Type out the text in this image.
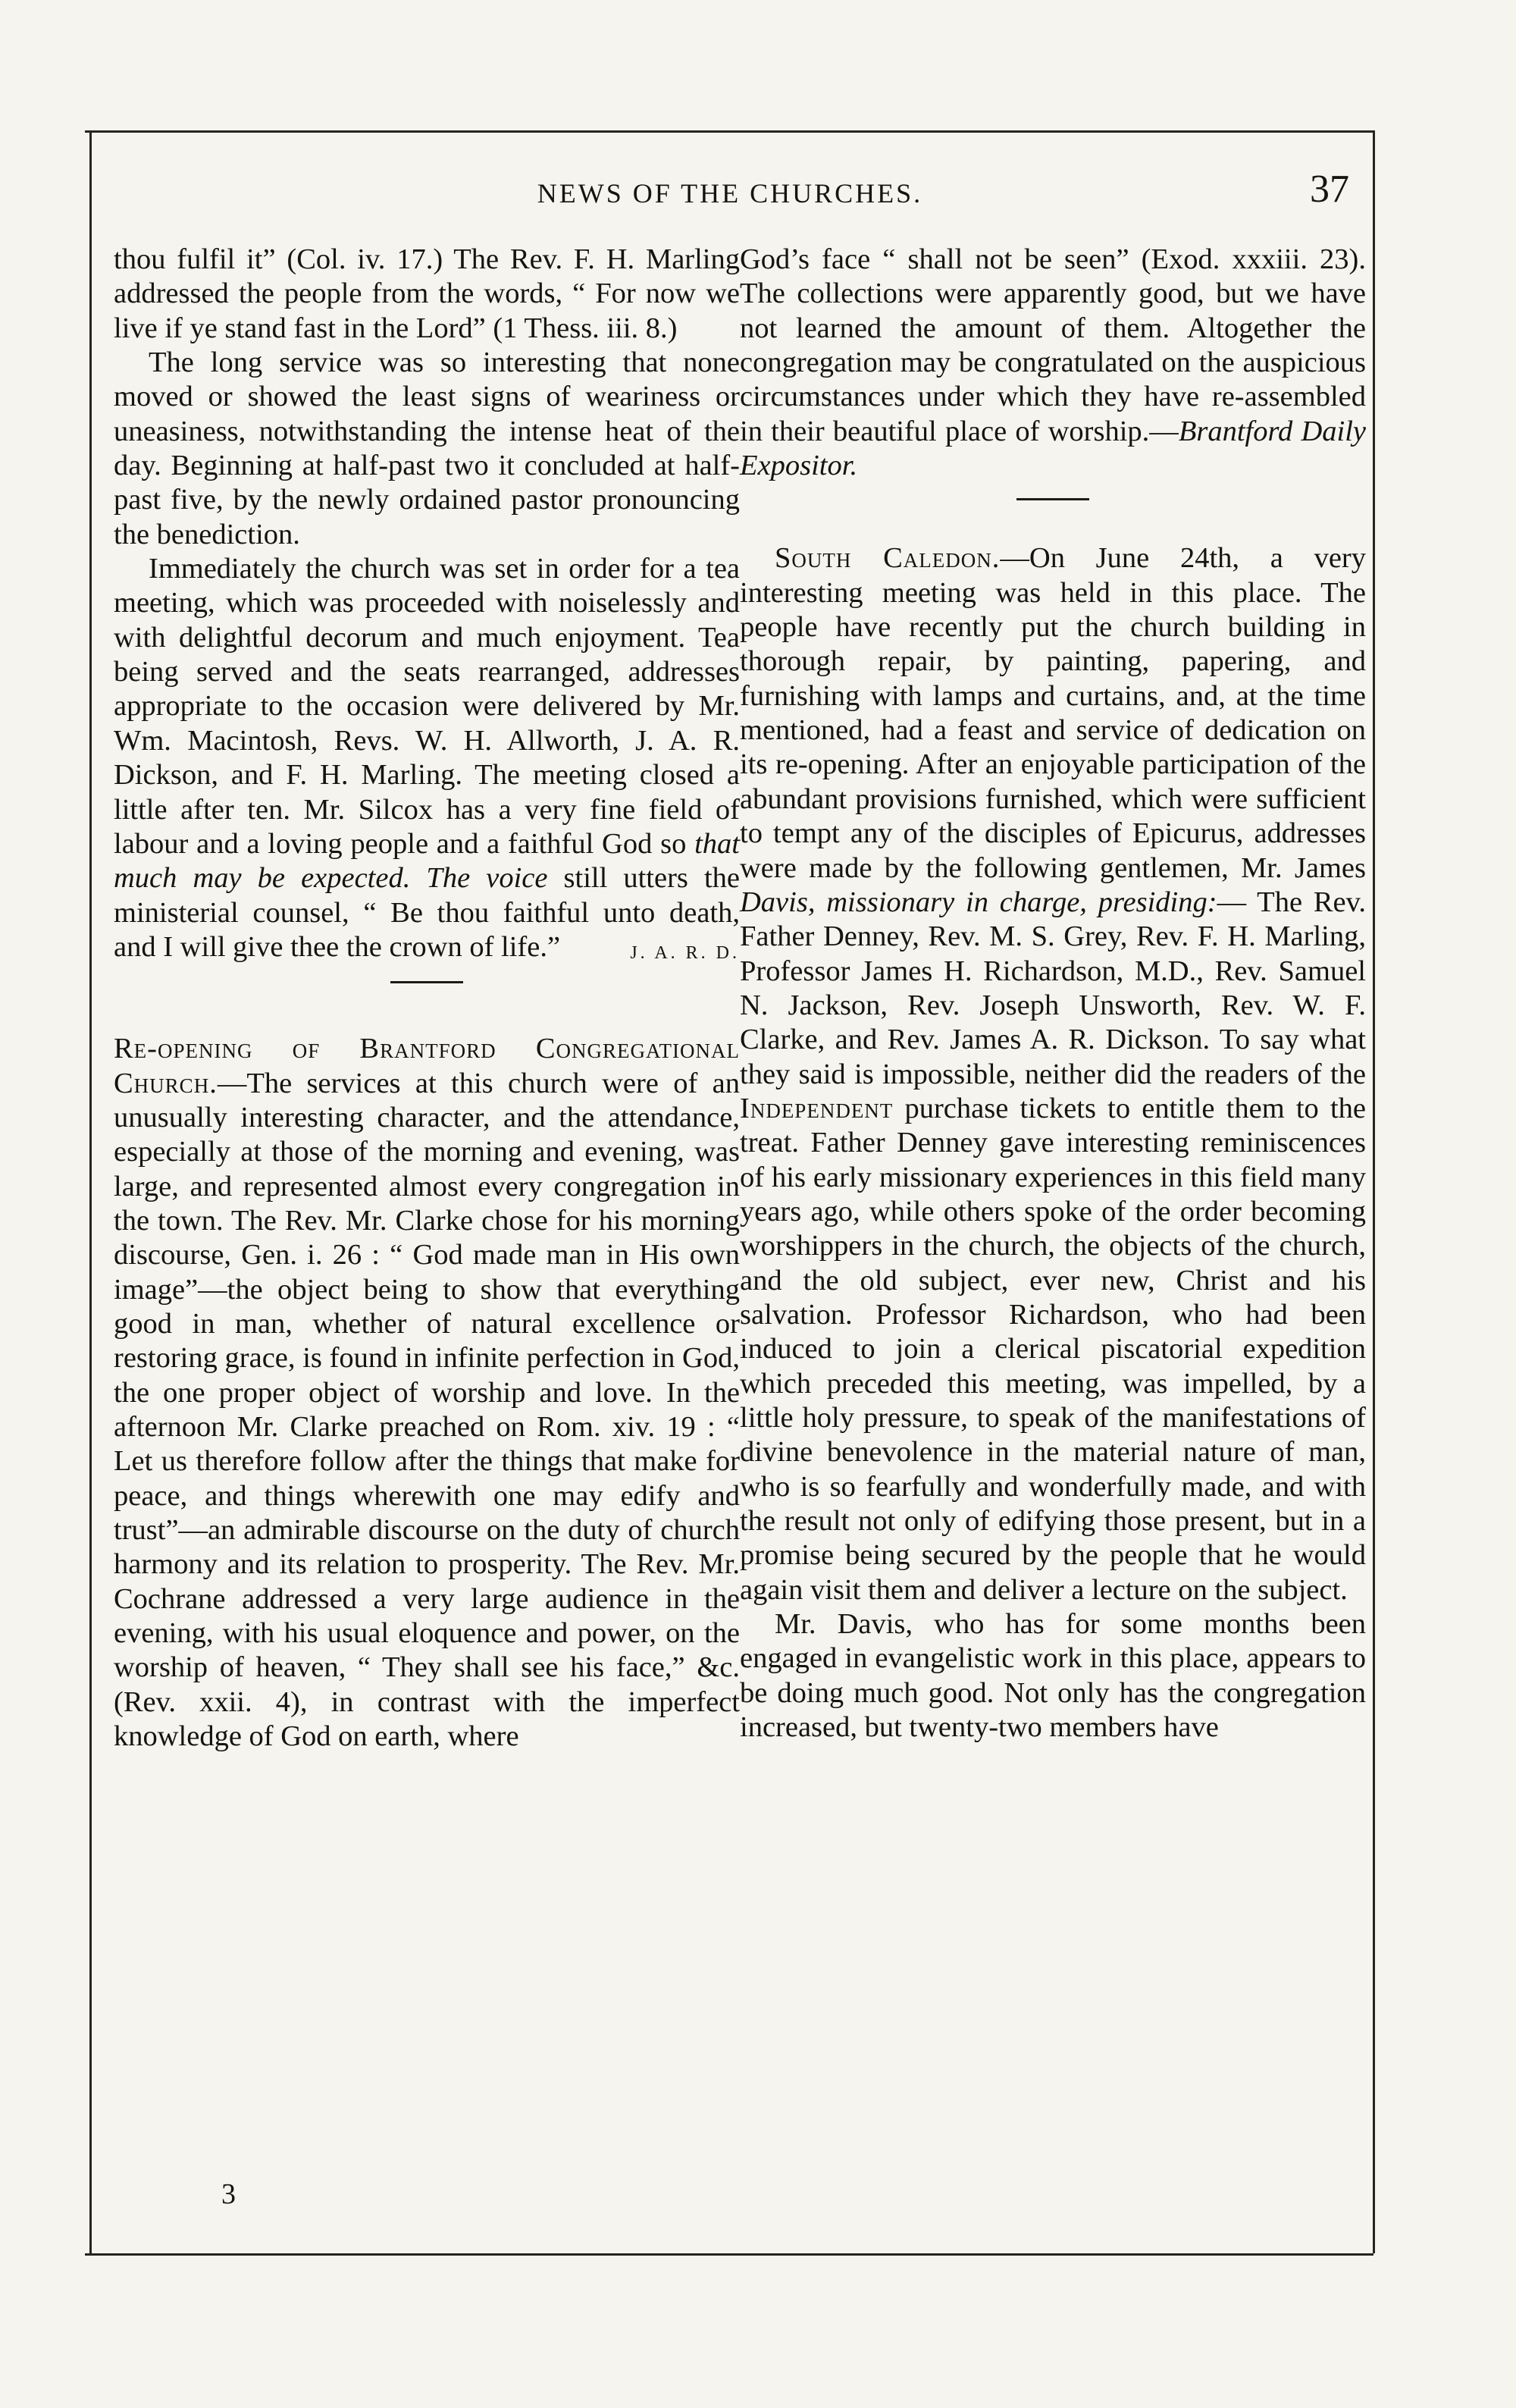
NEWS OF THE CHURCHES.	37

thou fulfil it” (Col. iv. 17.) The Rev. F. H. Marling addressed the people from the words, “ For now we live if ye stand fast in the Lord” (1 Thess. iii. 8.)

The long service was so interesting that none moved or showed the least signs of weariness or uneasiness, notwithstanding the intense heat of the day. Beginning at half-past two it concluded at half-past five, by the newly ordained pastor pronouncing the benediction.

Immediately the church was set in order for a tea meeting, which was proceeded with noiselessly and with delightful decorum and much enjoyment. Tea being served and the seats rearranged, addresses appropriate to the occasion were delivered by Mr. Wm. Macintosh, Revs. W. H. Allworth, J. A. R. Dickson, and F. H. Marling. The meeting closed a little after ten. Mr. Silcox has a very fine field of labour and a loving people and a faithful God so that much may be expected. The voice still utters the ministerial counsel, “ Be thou faithful unto death, and I will give thee the crown of life.”	J. A. R. D.

Re-opening of Brantford Congregational Church.—The services at this church were of an unusually interesting character, and the attendance, especially at those of the morning and evening, was large, and represented almost every congregation in the town. The Rev. Mr. Clarke chose for his morning discourse, Gen. i. 26 : “ God made man in His own image”—the object being to show that everything good in man, whether of natural excellence or restoring grace, is found in infinite perfection in God, the one proper object of worship and love. In the afternoon Mr. Clarke preached on Rom. xiv. 19 : “ Let us therefore follow after the things that make for peace, and things wherewith one may edify and trust”—an admirable discourse on the duty of church harmony and its relation to prosperity. The Rev. Mr. Cochrane addressed a very large audience in the evening, with his usual eloquence and power, on the worship of heaven, “ They shall see his face,” &c. (Rev. xxii. 4), in contrast with the imperfect knowledge of God on earth, where

3

God’s face “ shall not be seen” (Exod. xxxiii. 23). The collections were apparently good, but we have not learned the amount of them. Altogether the congregation may be congratulated on the auspicious circumstances under which they have re-assembled in their beautiful place of worship.—Brantford Daily Expositor.

South Caledon.—On June 24th, a very interesting meeting was held in this place. The people have recently put the church building in thorough repair, by painting, papering, and furnishing with lamps and curtains, and, at the time mentioned, had a feast and service of dedication on its re-opening. After an enjoyable participation of the abundant provisions furnished, which were sufficient to tempt any of the disciples of Epicurus, addresses were made by the following gentlemen, Mr. James Davis, missionary in charge, presiding:— The Rev. Father Denney, Rev. M. S. Grey, Rev. F. H. Marling, Professor James H. Richardson, M.D., Rev. Samuel N. Jackson, Rev. Joseph Unsworth, Rev. W. F. Clarke, and Rev. James A. R. Dickson. To say what they said is impossible, neither did the readers of the Independent purchase tickets to entitle them to the treat. Father Denney gave interesting reminiscences of his early missionary experiences in this field many years ago, while others spoke of the order becoming worshippers in the church, the objects of the church, and the old subject, ever new, Christ and his salvation. Professor Richardson, who had been induced to join a clerical piscatorial expedition which preceded this meeting, was impelled, by a little holy pressure, to speak of the manifestations of divine benevolence in the material nature of man, who is so fearfully and wonderfully made, and with the result not only of edifying those present, but in a promise being secured by the people that he would again visit them and deliver a lecture on the subject.

Mr. Davis, who has for some months been engaged in evangelistic work in this place, appears to be doing much good. Not only has the congregation increased, but twenty-two members have
